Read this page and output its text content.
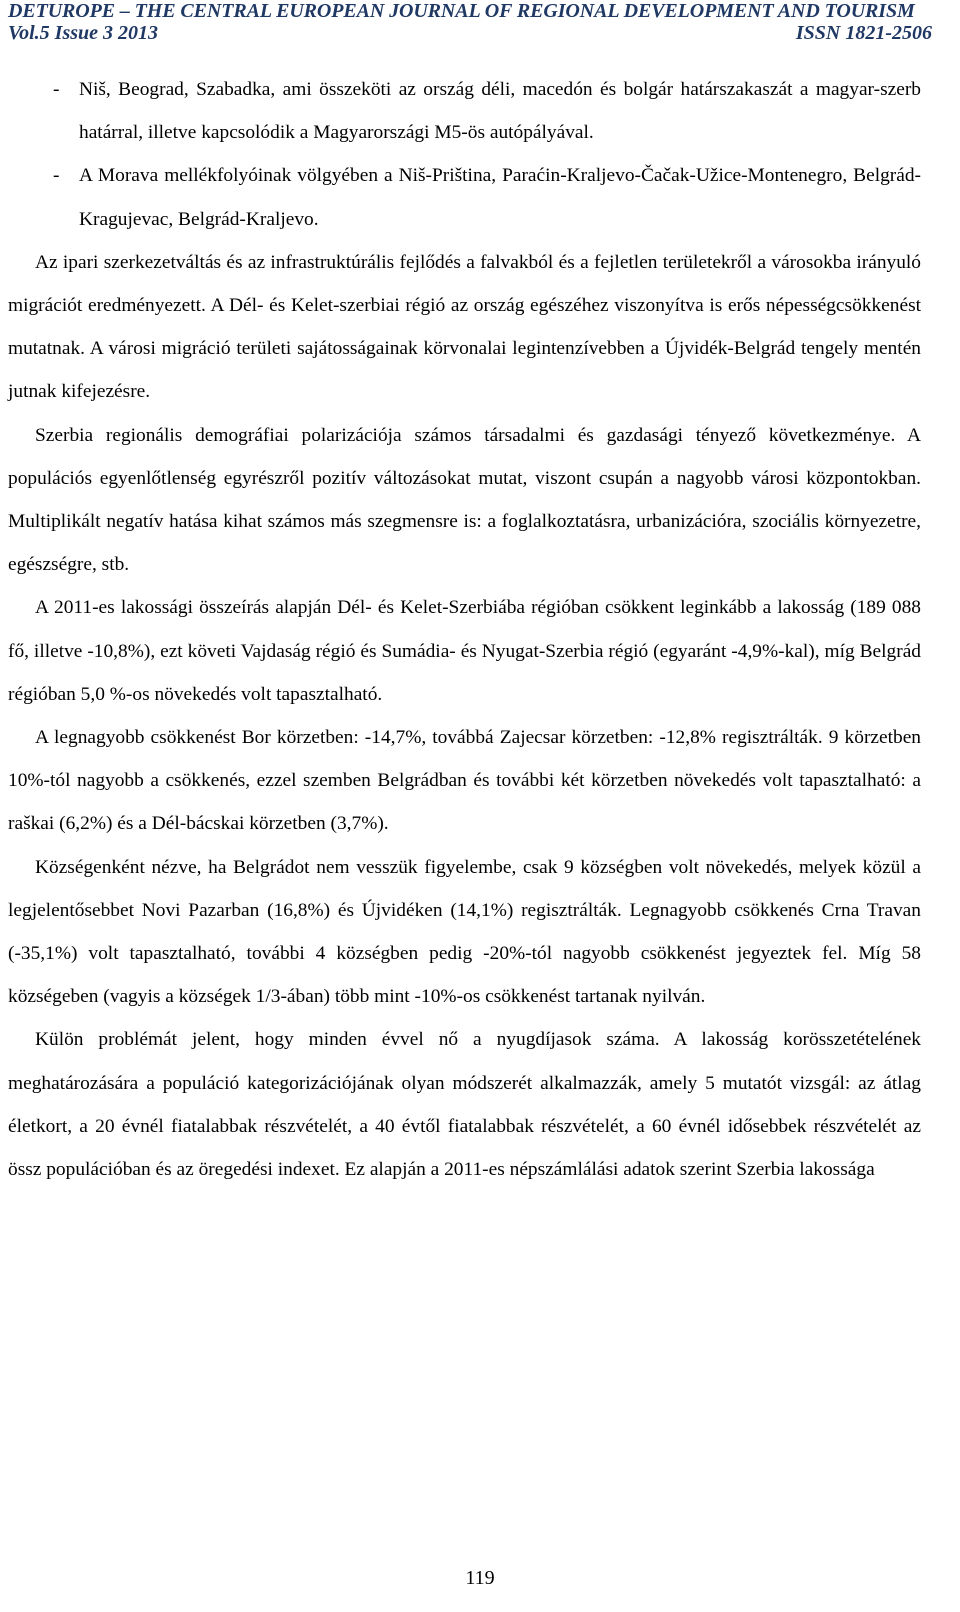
DETUROPE – THE CENTRAL EUROPEAN JOURNAL OF REGIONAL DEVELOPMENT AND TOURISM
Vol.5 Issue 3 2013	ISSN 1821-2506
- Niš, Beograd, Szabadka, ami összeköti az ország déli, macedón és bolgár határszakaszát a magyar-szerb határral, illetve kapcsolódik a Magyarországi M5-ös autópályával.
- A Morava mellékfolyóinak völgyében a Niš-Priština, Paraćin-Kraljevo-Čačak-Užice-Montenegro, Belgrád-Kragujevac, Belgrád-Kraljevo.

Az ipari szerkezetváltás és az infrastruktúrális fejlődés a falvakból és a fejletlen területekről a városokba irányuló migrációt eredményezett. A Dél- és Kelet-szerbiai régió az ország egészéhez viszonyítva is erős népességcsökkenést mutatnak. A városi migráció területi sajátosságainak körvonalai legintenzívebben a Újvidék-Belgrád tengely mentén jutnak kifejezésre.

Szerbia regionális demográfiai polarizációja számos társadalmi és gazdasági tényező következménye. A populációs egyenlőtlenség egyrészről pozitív változásokat mutat, viszont csupán a nagyobb városi központokban. Multiplikált negatív hatása kihat számos más szegmensre is: a foglalkoztatásra, urbanizációra, szociális környezetre, egészségre, stb.

A 2011-es lakossági összeírás alapján Dél- és Kelet-Szerbiába régióban csökkent leginkább a lakosság (189 088 fő, illetve -10,8%), ezt követi Vajdaság régió és Sumádia- és Nyugat-Szerbia régió (egyaránt -4,9%-kal), míg Belgrád régióban 5,0 %-os növekedés volt tapasztalható.

A legnagyobb csökkenést Bor körzetben: -14,7%, továbbá Zajecsar körzetben: -12,8% regisztrálták. 9 körzetben 10%-tól nagyobb a csökkenés, ezzel szemben Belgrádban és további két körzetben növekedés volt tapasztalható: a raškai (6,2%) és a Dél-bácskai körzetben (3,7%).

Községenként nézve, ha Belgrádot nem vesszük figyelembe, csak 9 községben volt növekedés, melyek közül a legjelentősebbet Novi Pazarban (16,8%) és Újvidéken (14,1%) regisztrálták. Legnagyobb csökkenés Crna Travan (-35,1%) volt tapasztalható, további 4 községben pedig -20%-tól nagyobb csökkenést jegyeztek fel. Míg 58 községeben (vagyis a községek 1/3-ában) több mint -10%-os csökkenést tartanak nyilván.

Külön problémát jelent, hogy minden évvel nő a nyugdíjasok száma. A lakosság korösszetételének meghatározására a populáció kategorizációjának olyan módszerét alkalmazzák, amely 5 mutatót vizsgál: az átlag életkort, a 20 évnél fiatalabbak részvételét, a 40 évtől fiatalabbak részvételét, a 60 évnél idősebbek részvételét az össz populációban és az öregedési indexet. Ez alapján a 2011-es népszámlálási adatok szerint Szerbia lakossága

119
